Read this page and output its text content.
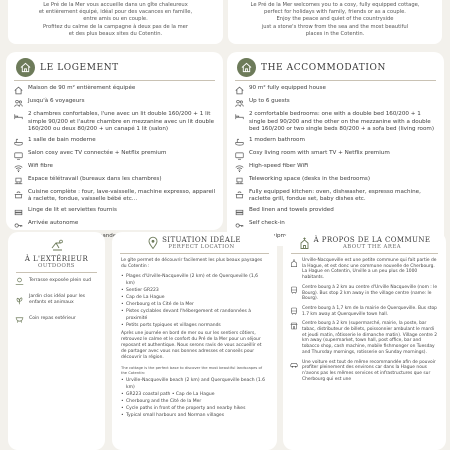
Le Pré de la Mer vous accueille dans un gîte chaleureux

et entièrement équipé, idéal pour des vacances en famille,

entre amis ou en couple.

Profitez du calme de la campagne à deux pas de la mer

et des plus beaux sites du Cotentin.

Le Pré de la Mer welcomes you to a cosy, fully equipped cottage,

perfect for holidays with family, friends or as a couple.

Enjoy the peace and quiet of the countryside

just a stone's throw from the sea and the most beautiful

places in the Cotentin.

LE LOGEMENT
Maison de 90 m² entièrement équipée
Jusqu'à 6 voyageurs
2 chambres confortables, l'une avec un lit double 160/200 + 1 lit simple 90/200 et l'autre chambre en mezzanine avec un lit double 160/200 ou deux 80/200 + un canapé 1 lit (salon)
1 salle de bain moderne
Salon cosy avec TV connectée + Netflix premium
Wifi fibre
Espace télétravail (bureaux dans les chambres)
Cuisine complète : four, lave-vaisselle, machine expresso, appareil à raclette, fondue, vaisselle bébé etc...
Linge de lit et serviettes fournis
Arrivée autonome
THE ACCOMMODATION
90 m² fully equipped house
Up to 6 guests
2 comfortable bedrooms: one with a double bed 160/200 + 1 single bed 90/200 and the other on the mezzanine with a double bed 160/200 or two single beds 80/200 + a sofa bed (living room)
1 modern bathroom
Cosy living room with smart TV + Netflix premium
High-speed fiber WiFi
Teleworking space (desks in the bedrooms)
Fully equipped kitchen: oven, dishwasher, espresso machine, raclette grill, fondue set, baby dishes etc.
Bed linen and towels provided
Self check-in
equipment
À L'EXTÉRIEUR
OUTDOORS
Terrasse exposée plein sud
Jardin clos idéal pour les enfants et animaux
Coin repas extérieur
SITUATION IDÉALE
PERFECT LOCATION

Le gîte permet de découvrir facilement les plus beaux paysages du Cotentin :

• Plages d'Urville-Nacqueville (2 km) et de Querqueville (1,6 km)
• Sentier GR223
• Cap de La Hague
• Cherbourg et la Cité de la Mer
• Pistes cyclables devant l'hébergement et randonnées à proximité
• Petits ports typiques et villages normands

Après une journée en bord de mer ou sur les sentiers côtiers, retrouvez le calme et le confort du Pré de la Mer pour un séjour reposant et authentique. Nous serons ravis de vous accueillir et de partager avec vous nos bonnes adresses et conseils pour découvrir la région.

The cottage is the perfect base to discover the most beautiful landscapes of the Cotentin:

• Urville-Nacqueville beach (2 km) and Querqueville beach (1.6 km)
• GR223 coastal path • Cap de La Hague
• Cherbourg and the Cité de la Mer
• Cycle paths in front of the property and nearby hikes
• Typical small harbours and Norman villages
À PROPOS DE LA COMMUNE
ABOUT THE AREA
Urville-Nacqueville est une petite commune qui fait partie de la Hague, et est donc une commune nouvelle de Cherbourg. La Hague en Cotentin, Urville a un peu plus de 1000 habitants.
Centre bourg à 2 km au centre d'Urville Nacqueville (nom : le Bourg). Bus stop 2 km away in the village centre (name: le Bourg).
Centre bourg à 1,7 km de la mairie de Querqueville. Bus stop 1.7 km away at Querqueville town hall.
Centre bourg à 2 km (supermarché, mairie, la poste, bar tabac, distributeur de billets, poissonnier ambulant le mardi et jeudi matin, rôtisserie le dimanche matin). Village centre 2 km away (supermarket, town hall, post office, bar and tobacco shop, cash machine, mobile fishmonger on Tuesday and Thursday mornings, rotisserie on Sunday mornings).
Une voiture est tout de même recommandée afin de pouvoir profiter pleinement des environs car dans la Hague nous n'avons pas les mêmes services et infrastructures que sur Cherbourg qui est une
